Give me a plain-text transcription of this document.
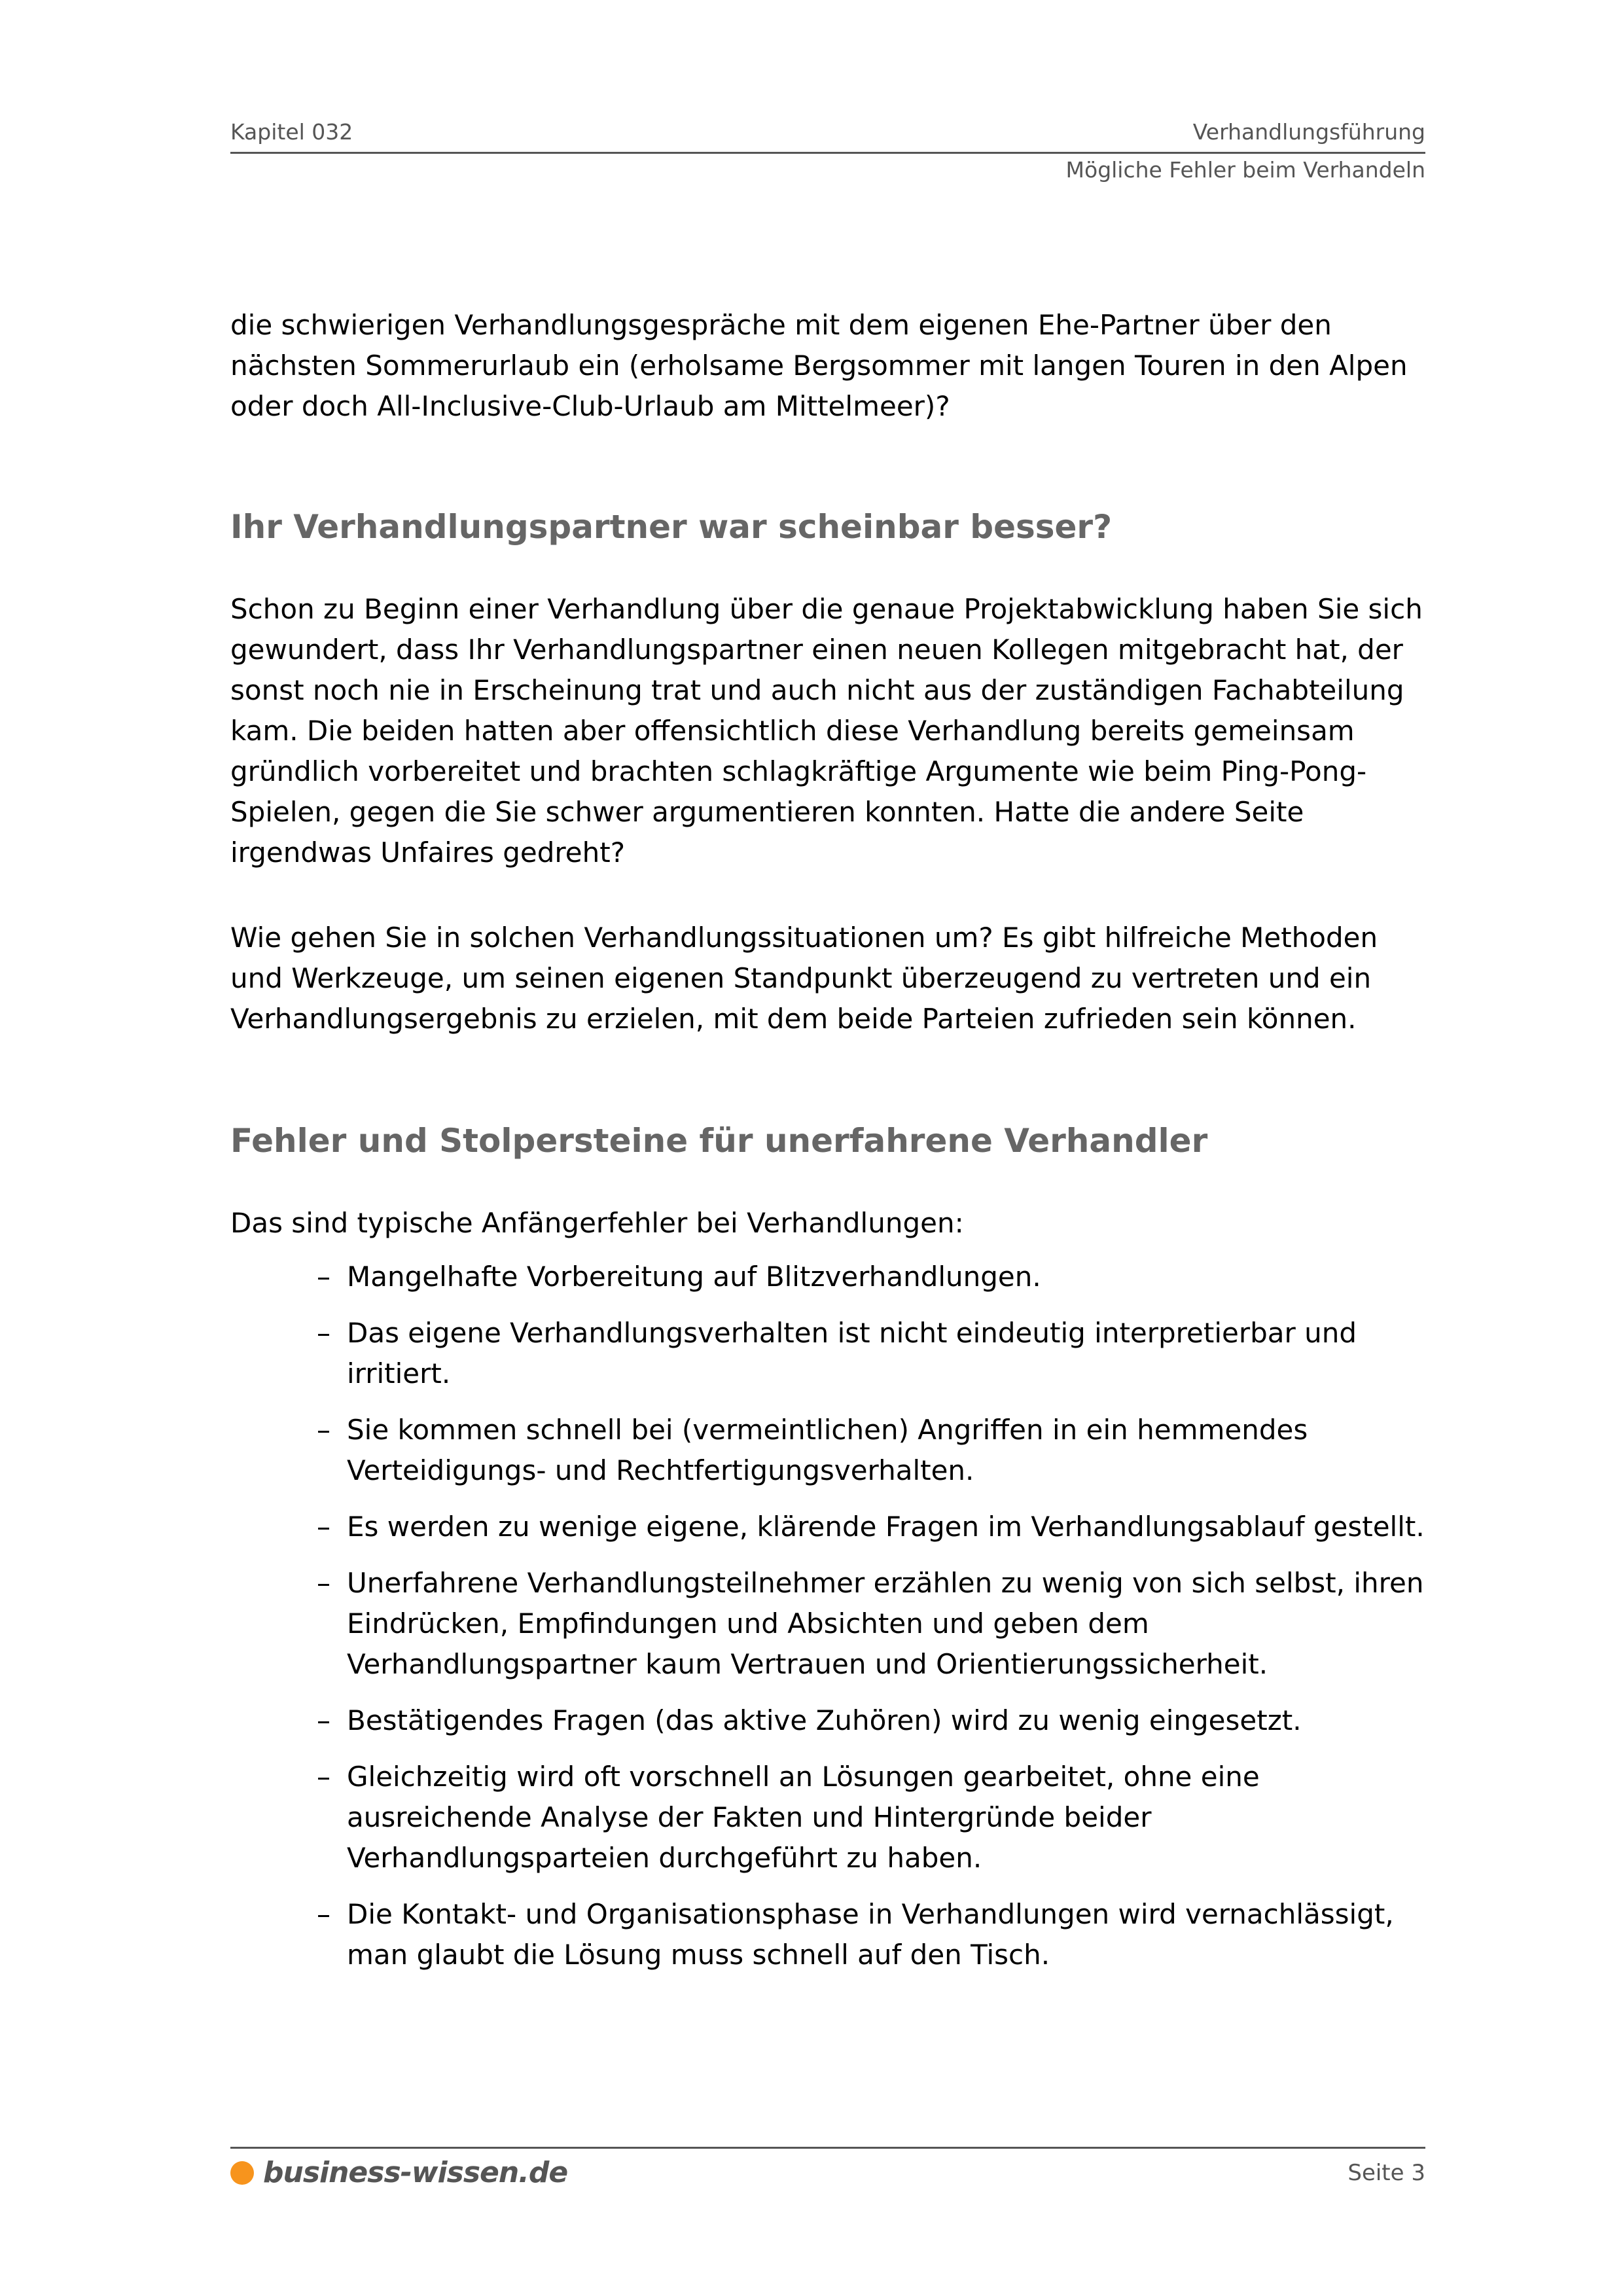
Kapitel 032	Verhandlungsführung
Mögliche Fehler beim Verhandeln

die schwierigen Verhandlungsgespräche mit dem eigenen Ehe-Partner über den nächsten Sommerurlaub ein (erholsame Bergsommer mit langen Touren in den Alpen oder doch All-Inclusive-Club-Urlaub am Mittelmeer)?

Ihr Verhandlungspartner war scheinbar besser?

Schon zu Beginn einer Verhandlung über die genaue Projektabwicklung haben Sie sich gewundert, dass Ihr Verhandlungspartner einen neuen Kollegen mitgebracht hat, der sonst noch nie in Erscheinung trat und auch nicht aus der zuständigen Fachabteilung kam. Die beiden hatten aber offensichtlich diese Verhandlung bereits gemeinsam gründlich vorbereitet und brachten schlagkräftige Argumente wie beim Ping-Pong-Spielen, gegen die Sie schwer argumentieren konnten. Hatte die andere Seite irgendwas Unfaires gedreht?

Wie gehen Sie in solchen Verhandlungssituationen um? Es gibt hilfreiche Methoden und Werkzeuge, um seinen eigenen Standpunkt überzeugend zu vertreten und ein Verhandlungsergebnis zu erzielen, mit dem beide Parteien zufrieden sein können.

Fehler und Stolpersteine für unerfahrene Verhandler

Das sind typische Anfängerfehler bei Verhandlungen:

– Mangelhafte Vorbereitung auf Blitzverhandlungen.
– Das eigene Verhandlungsverhalten ist nicht eindeutig interpretierbar und irritiert.
– Sie kommen schnell bei (vermeintlichen) Angriffen in ein hemmendes Verteidigungs- und Rechtfertigungsverhalten.
– Es werden zu wenige eigene, klärende Fragen im Verhandlungsablauf gestellt.
– Unerfahrene Verhandlungsteilnehmer erzählen zu wenig von sich selbst, ihren Eindrücken, Empfindungen und Absichten und geben dem Verhandlungspartner kaum Vertrauen und Orientierungssicherheit.
– Bestätigendes Fragen (das aktive Zuhören) wird zu wenig eingesetzt.
– Gleichzeitig wird oft vorschnell an Lösungen gearbeitet, ohne eine ausreichende Analyse der Fakten und Hintergründe beider Verhandlungsparteien durchgeführt zu haben.
– Die Kontakt- und Organisationsphase in Verhandlungen wird vernachlässigt, man glaubt die Lösung muss schnell auf den Tisch.
business-wissen.de	Seite 3
